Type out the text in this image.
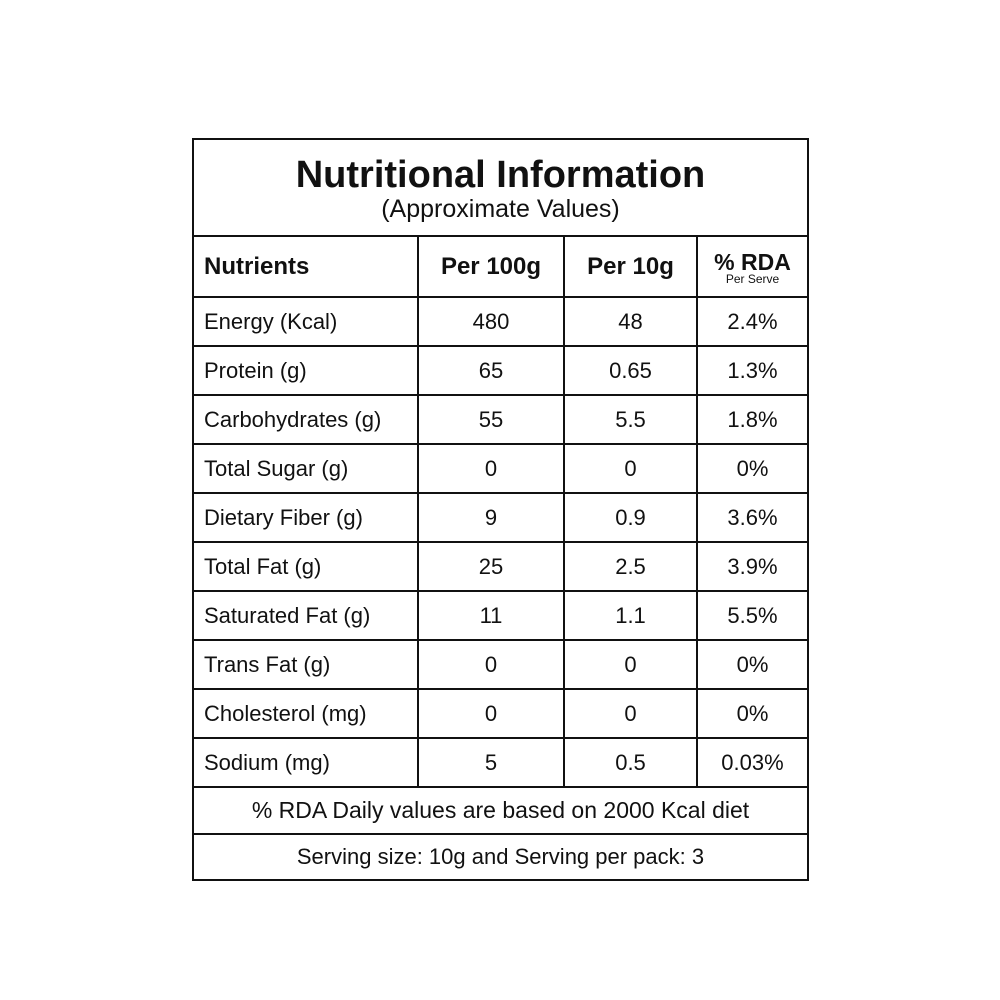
Nutritional Information
(Approximate Values)
Nutrients	Per 100g	Per 10g	% RDA
Per Serve

Energy (Kcal)	480	48	2.4%
Protein (g)	65	0.65	1.3%
Carbohydrates (g)	55	5.5	1.8%
Total Sugar (g)	0	0	0%
Dietary Fiber (g)	9	0.9	3.6%
Total Fat (g)	25	2.5	3.9%
Saturated Fat (g)	11	1.1	5.5%
Trans Fat (g)	0	0	0%
Cholesterol (mg)	0	0	0%
Sodium (mg)	5	0.5	0.03%
% RDA Daily values are based on 2000 Kcal diet
Serving size: 10g and Serving per pack: 3
